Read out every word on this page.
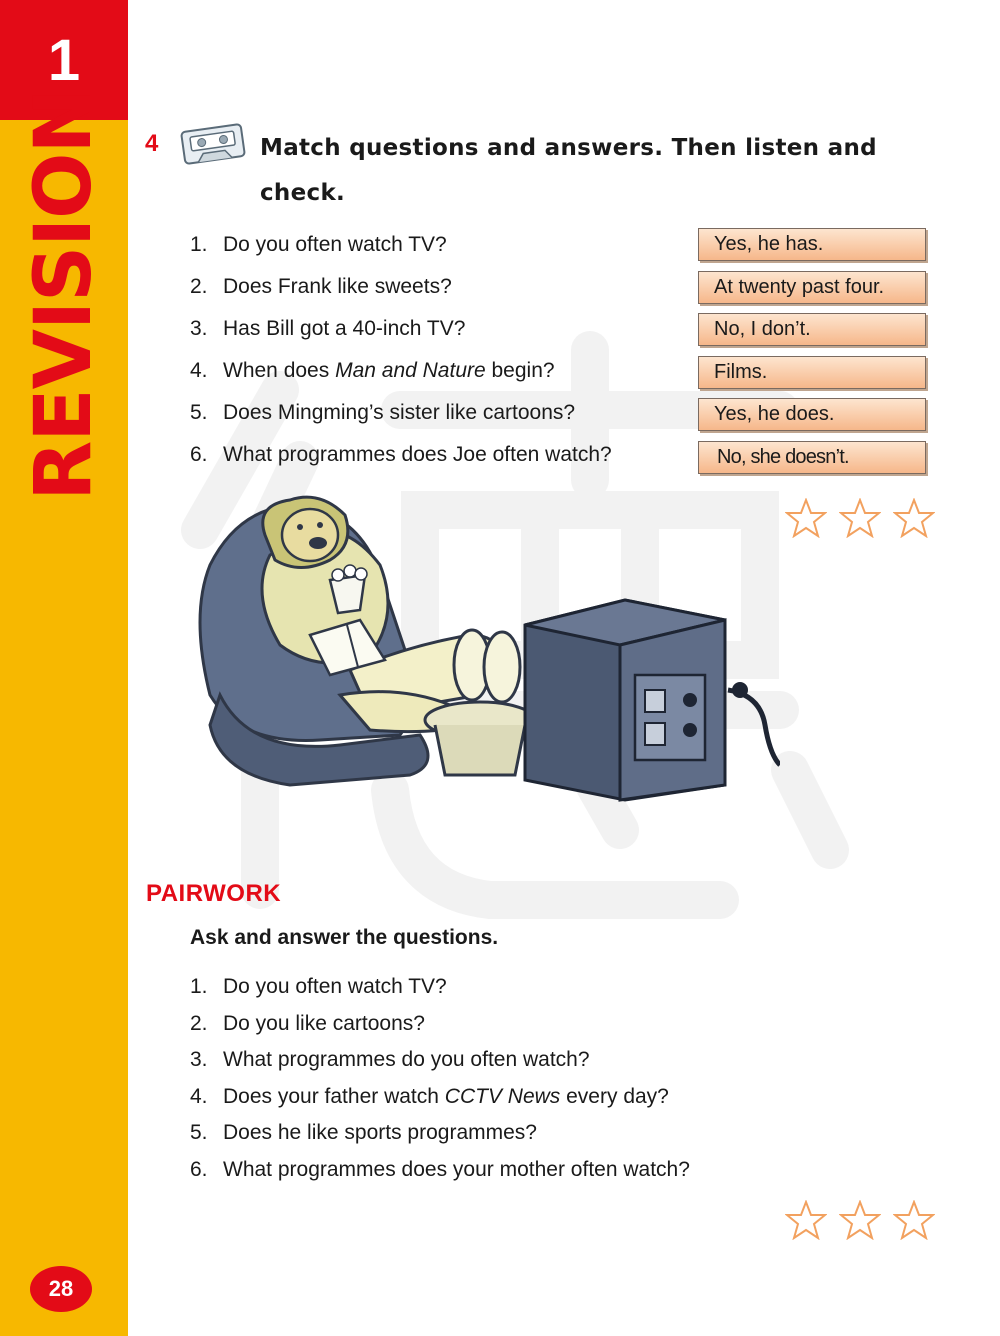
1
REVISION
28
4	Match questions and answers. Then listen and check.
1. Do you often watch TV?
2. Does Frank like sweets?
3. Has Bill got a 40-inch TV?
4. When does Man and Nature begin?
5. Does Mingming’s sister like cartoons?
6. What programmes does Joe often watch?
Yes, he has.
At twenty past four.
No, I don’t.
Films.
Yes, he does.
No, she doesn’t.
PAIRWORK
Ask and answer the questions.
1. Do you often watch TV?
2. Do you like cartoons?
3. What programmes do you often watch?
4. Does your father watch CCTV News every day?
5. Does he like sports programmes?
6. What programmes does your mother often watch?
